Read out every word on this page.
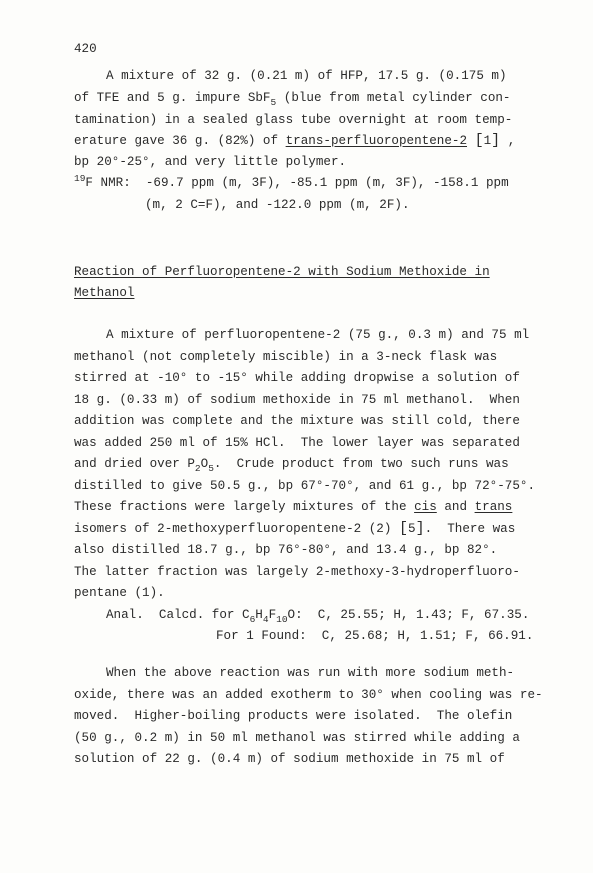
420
A mixture of 32 g. (0.21 m) of HFP, 17.5 g. (0.175 m)
of TFE and 5 g. impure SbF$_5$ (blue from metal cylinder con-
tamination) in a sealed glass tube overnight at room temp-
erature gave 36 g. (82%) of trans-perfluoropentene-2 [1] ,
bp 20°-25°, and very little polymer.
$^{19}$F NMR:  -69.7 ppm (m, 3F), -85.1 ppm (m, 3F), -158.1 ppm
(m, 2 C=F), and -122.0 ppm (m, 2F).
Reaction of Perfluoropentene-2 with Sodium Methoxide in
Methanol
A mixture of perfluoropentene-2 (75 g., 0.3 m) and 75 ml
methanol (not completely miscible) in a 3-neck flask was
stirred at -10° to -15° while adding dropwise a solution of
18 g. (0.33 m) of sodium methoxide in 75 ml methanol.  When
addition was complete and the mixture was still cold, there
was added 250 ml of 15% HCl.  The lower layer was separated
and dried over $P_2O_5$.  Crude product from two such runs was
distilled to give 50.5 g., bp 67°-70°, and 61 g., bp 72°-75°.
These fractions were largely mixtures of the cis and trans
isomers of 2-methoxyperfluoropentene-2 (2) [5].  There was
also distilled 18.7 g., bp 76°-80°, and 13.4 g., bp 82°.
The latter fraction was largely 2-methoxy-3-hydroperfluoro-
pentane (1).
Anal.  Calcd. for $C_6H_4F_{10}O$:  C, 25.55; H, 1.43; F, 67.35.
For 1 Found:  C, 25.68; H, 1.51; F, 66.91.
When the above reaction was run with more sodium meth-
oxide, there was an added exotherm to 30° when cooling was re-
moved.  Higher-boiling products were isolated.  The olefin
(50 g., 0.2 m) in 50 ml methanol was stirred while adding a
solution of 22 g. (0.4 m) of sodium methoxide in 75 ml of
